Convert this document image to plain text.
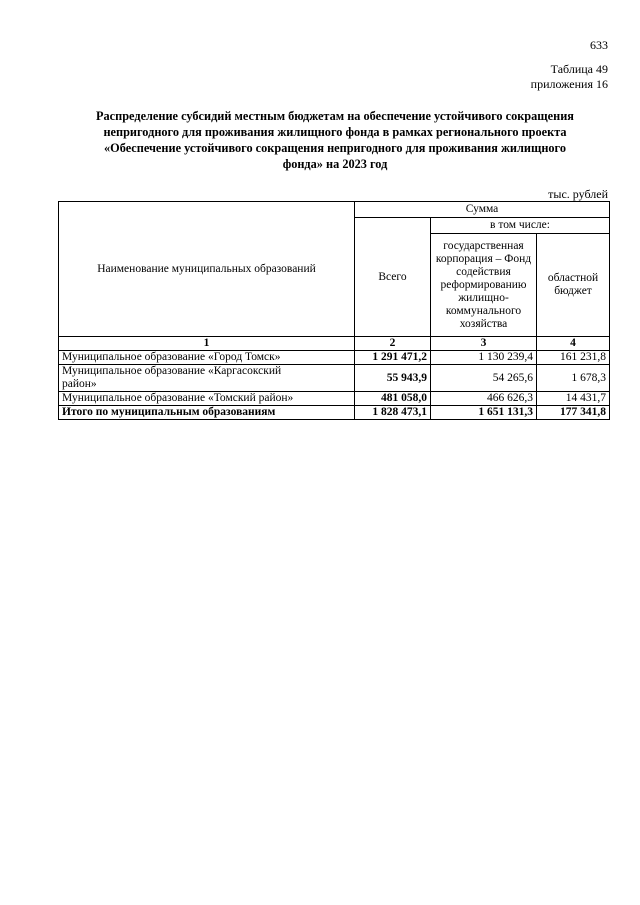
633
Таблица 49
приложения 16
Распределение субсидий местным бюджетам на обеспечение устойчивого сокращения
непригодного для проживания жилищного фонда в рамках регионального проекта
«Обеспечение устойчивого сокращения непригодного для проживания жилищного
фонда» на 2023 год
тыс. рублей
Наименование муниципальных образований	Сумма		
	Всего	в том числе:	
		государственная корпорация – Фонд содействия реформированию жилищно-коммунального хозяйства	областной бюджет
1	2	3	4
Муниципальное образование «Город Томск»	1 291 471,2	1 130 239,4	161 231,8
Муниципальное образование «Каргасокский район»	55 943,9	54 265,6	1 678,3
Муниципальное образование «Томский район»	481 058,0	466 626,3	14 431,7
Итого по муниципальным образованиям	1 828 473,1	1 651 131,3	177 341,8
